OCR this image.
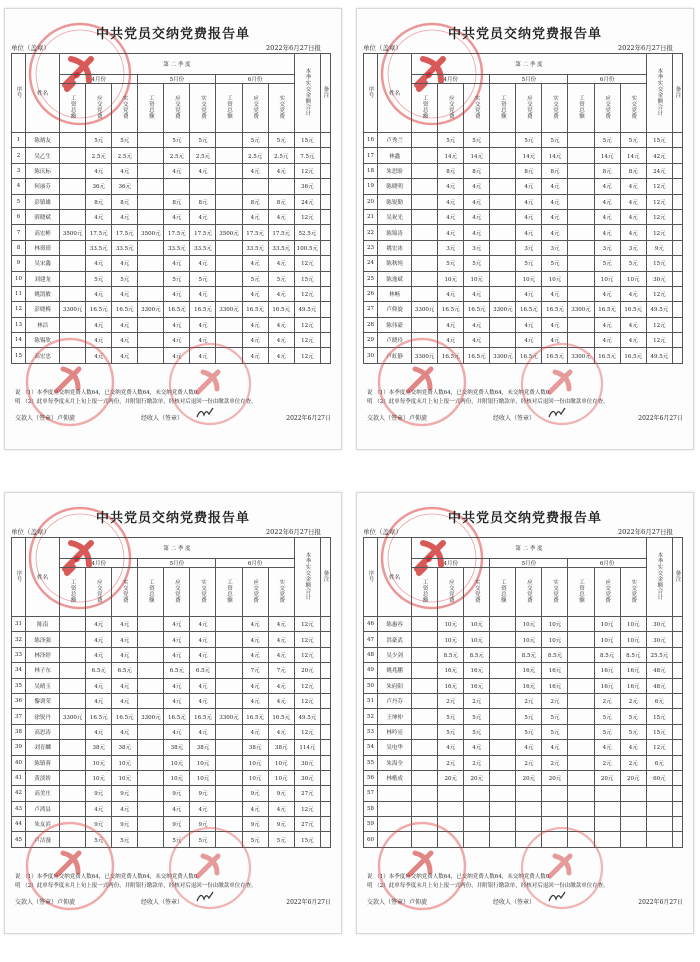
中共党员交纳党费报告单
单位（盖章）	2022年6月27日报
序号	姓名	第 二 季 度									本季实交金额合计	备注
		4月份			5月份			6月份				
		工资总额	应交党费	实交党费	工资总额	应交党费	实交党费	工资总额	应交党费	实交党费		
1	陈炳友		5元	5元		5元	5元		5元	5元	15元	
2	吴乙生		2.5元	2.5元		2.5元	2.5元		2.5元	2.5元	7.5元	
3	陈庆标		4元	4元		4元	4元		4元	4元	12元	
4	何丽芬		36元	36元							36元	
5	彭镇雄		8元	8元		8元	8元		8元	8元	24元	
6	薛晓斌		4元	4元		4元	4元		4元	4元	12元	
7	高宏彬	3500元	17.5元	17.5元	3500元	17.5元	17.5元	3500元	17.5元	17.5元	52.5元	
8	林璟璟		33.5元	33.5元		33.5元	33.5元		33.5元	33.5元	100.5元	
9	吴宋鑫		4元	4元		4元	4元		4元	4元	12元	
10	刘建龙		5元	5元		5元	5元		5元	5元	15元	
11	姚凯敏		4元	4元		4元	4元		4元	4元	12元	
12	彭晓梅	3300元	16.5元	16.5元	3300元	16.5元	16.5元	3300元	16.5元	16.5元	49.5元	
13	林洁		4元	4元		4元	4元		4元	4元	12元	
14	陈锡欣		4元	4元		4元	4元		4元	4元	12元	
15	高宏忠		4元	4元		4元	4元		4元	4元	12元	
说 （1）本季度应交纳党费人数64，已交纳党费人数64，未交纳党费人数0。
明 （2）此单每季度末月上旬上报一式两份，并附银行缴款单，经核对后退回一份由缴款单位存查。
交款人（签章）卢仰旋	经收人（签章）	2022年6月27日
中共党员交纳党费报告单
单位（盖章）	2022年6月27日报
序号	姓名	第 二 季 度									本季实交金额合计	备注
		4月份			5月份			6月份				
		工资总额	应交党费	实交党费	工资总额	应交党费	实交党费	工资总额	应交党费	实交党费		
16	卢秀兰		5元	5元		5元	5元		5元	5元	15元	
17	林鑫		14元	14元		14元	14元		14元	14元	42元	
18	朱思盼		8元	8元		8元	8元		8元	8元	24元	
19	陈晓明		4元	4元		4元	4元		4元	4元	12元	
20	陈锐勤		4元	4元		4元	4元		4元	4元	12元	
21	吴祝光		4元	4元		4元	4元		4元	4元	12元	
22	陈锦涛		4元	4元		4元	4元		4元	4元	12元	
23	姚宏冰		3元	3元		3元	3元		3元	3元	9元	
24	陈秋纯		5元	5元		5元	5元		5元	5元	15元	
25	陈逸斌		10元	10元		10元	10元		10元	10元	30元	
26	林畅		4元	4元		4元	4元		4元	4元	12元	
27	卢仰旋	3300元	16.5元	16.5元	3300元	16.5元	16.5元	3300元	16.5元	16.5元	49.5元	
28	陈伟豪		4元	4元		4元	4元		4元	4元	12元	
29	卢晓玲		4元	4元		4元	4元		4元	4元	12元	
30	卢虹静	3300元	16.5元	16.5元	3300元	16.5元	16.5元	3300元	16.5元	16.5元	49.5元	
说 （1）本季度应交纳党费人数64，已交纳党费人数64，未交纳党费人数0。
明 （2）此单每季度末月上旬上报一式两份，并附银行缴款单，经核对后退回一份由缴款单位存查。
交款人（签章）卢仰旋	经收人（签章）	2022年6月27日
中共党员交纳党费报告单
单位（盖章）	2022年6月27日报
序号	姓名	第 二 季 度									本季实交金额合计	备注
		4月份			5月份			6月份				
		工资总额	应交党费	实交党费	工资总额	应交党费	实交党费	工资总额	应交党费	实交党费		
31	陈南		4元	4元		4元	4元		4元	4元	12元	
32	陈泽强		4元	4元		4元	4元		4元	4元	12元	
33	林泽婷		4元	4元		4元	4元		4元	4元	12元	
34	林子东		6.5元	6.5元		6.5元	6.5元		7元	7元	20元	
35	吴晴玉		4元	4元		4元	4元		4元	4元	12元	
36	黎训荣		4元	4元		4元	4元		4元	4元	12元	
37	徐锐丹	3300元	16.5元	16.5元	3300元	16.5元	16.5元	3300元	16.5元	16.5元	49.5元	
38	高思涛		4元	4元		4元	4元		4元	4元	12元	
39	刘育麟		38元	38元		38元	38元		38元	38元	114元	
40	陈镇蓉		10元	10元		10元	10元		10元	10元	30元	
41	黄淡娇		10元	10元		10元	10元		10元	10元	30元	
42	高美庄		9元	9元		9元	9元		9元	9元	27元	
43	卢鸿县		4元	4元		4元	4元		4元	4元	12元	
44	朱友滨		9元	9元		9元	9元		9元	9元	27元	
45	卢洁漫		5元	5元		5元	5元		5元	5元	15元	
说 （1）本季度应交纳党费人数64，已交纳党费人数64，未交纳党费人数0。
明 （2）此单每季度末月上旬上报一式两份，并附银行缴款单，经核对后退回一份由缴款单位存查。
交款人（签章）卢仰旋	经收人（签章）	2022年6月27日
中共党员交纳党费报告单
单位（盖章）	2022年6月27日报
序号	姓名	第 二 季 度									本季实交金额合计	备注
		4月份			5月份			6月份				
		工资总额	应交党费	实交党费	工资总额	应交党费	实交党费	工资总额	应交党费	实交党费		
46	陈惠容		10元	10元		10元	10元		10元	10元	30元	
47	洪豪武		10元	10元		10元	10元		10元	10元	30元	
48	吴少剑		8.5元	8.5元		8.5元	8.5元		8.5元	8.5元	25.5元	
49	姚兆鹏		16元	16元		16元	16元		16元	16元	48元	
50	朱府阳		16元	16元		16元	16元		16元	16元	48元	
51	卢丹芬		2元	2元		2元	2元		2元	2元	6元	
52	王坤仲		5元	5元		5元	5元		5元	5元	15元	
53	林吟亮		5元	5元		5元	5元		5元	5元	15元	
54	吴电华		4元	4元		4元	4元		4元	4元	12元	
55	朱海全		2元	2元		2元	2元		2元	2元	6元	
56	林楷成		20元	20元		20元	20元		20元	20元	60元	
57												
58												
59												
60												
说 （1）本季度应交纳党费人数64，已交纳党费人数64，未交纳党费人数0。
明 （2）此单每季度末月上旬上报一式两份，并附银行缴款单，经核对后退回一份由缴款单位存查。
交款人（签章）卢仰旋	经收人（签章）	2022年6月27日
